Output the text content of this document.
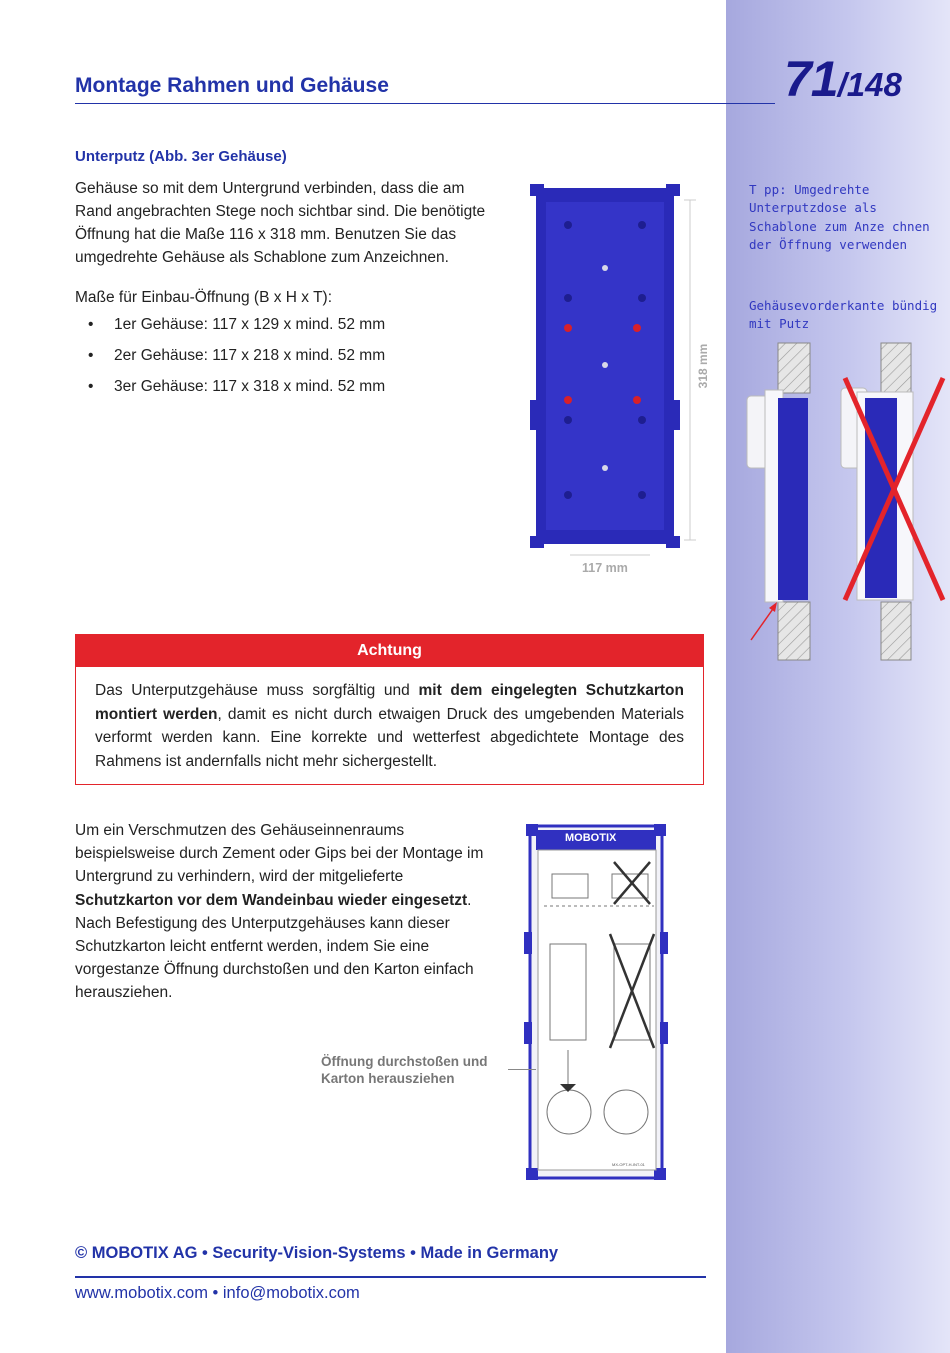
71/148
Montage Rahmen und Gehäuse
Unterputz (Abb. 3er Gehäuse)
Gehäuse so mit dem Untergrund verbinden, dass die am Rand angebrachten Stege noch sichtbar sind. Die benötigte Öffnung hat die Maße 116 x 318 mm. Benutzen Sie das umgedrehte Gehäuse als Schablone zum Anzeichnen.
Maße für Einbau-Öffnung (B x H x T):
•	1er Gehäuse: 117 x 129 x mind. 52 mm
•	2er Gehäuse: 117 x 218 x mind. 52 mm
•	3er Gehäuse: 117 x 318 x mind. 52 mm	318 mm
117 mm
T pp: Umgedrehte Unterputzdose als Schablone zum Anze chnen der Öffnung verwenden
Gehäusevorderkante bündig mit Putz
Achtung
Das Unterputzgehäuse muss sorgfältig und mit dem eingelegten Schutzkarton montiert werden, damit es nicht durch etwaigen Druck des umgebenden Materials verformt werden kann. Eine korrekte und wetterfest abgedichtete Montage des Rahmens ist andernfalls nicht mehr sichergestellt.
Um ein Verschmutzen des Gehäuseinnenraums beispielsweise durch Zement oder Gips bei der Montage im Untergrund zu verhindern, wird der mitgelieferte Schutzkarton vor dem Wandeinbau wieder eingesetzt. Nach Befestigung des Unterputzgehäuses kann dieser Schutzkarton leicht entfernt werden, indem Sie eine vorgestanze Öffnung durchstoßen und den Karton einfach herausziehen.
MOBOTIX
MX-OPT-H-INT-01
Öffnung durchstoßen und Karton herausziehen
© MOBOTIX AG • Security-Vision-Systems • Made in Germany
www.mobotix.com • info@mobotix.com
